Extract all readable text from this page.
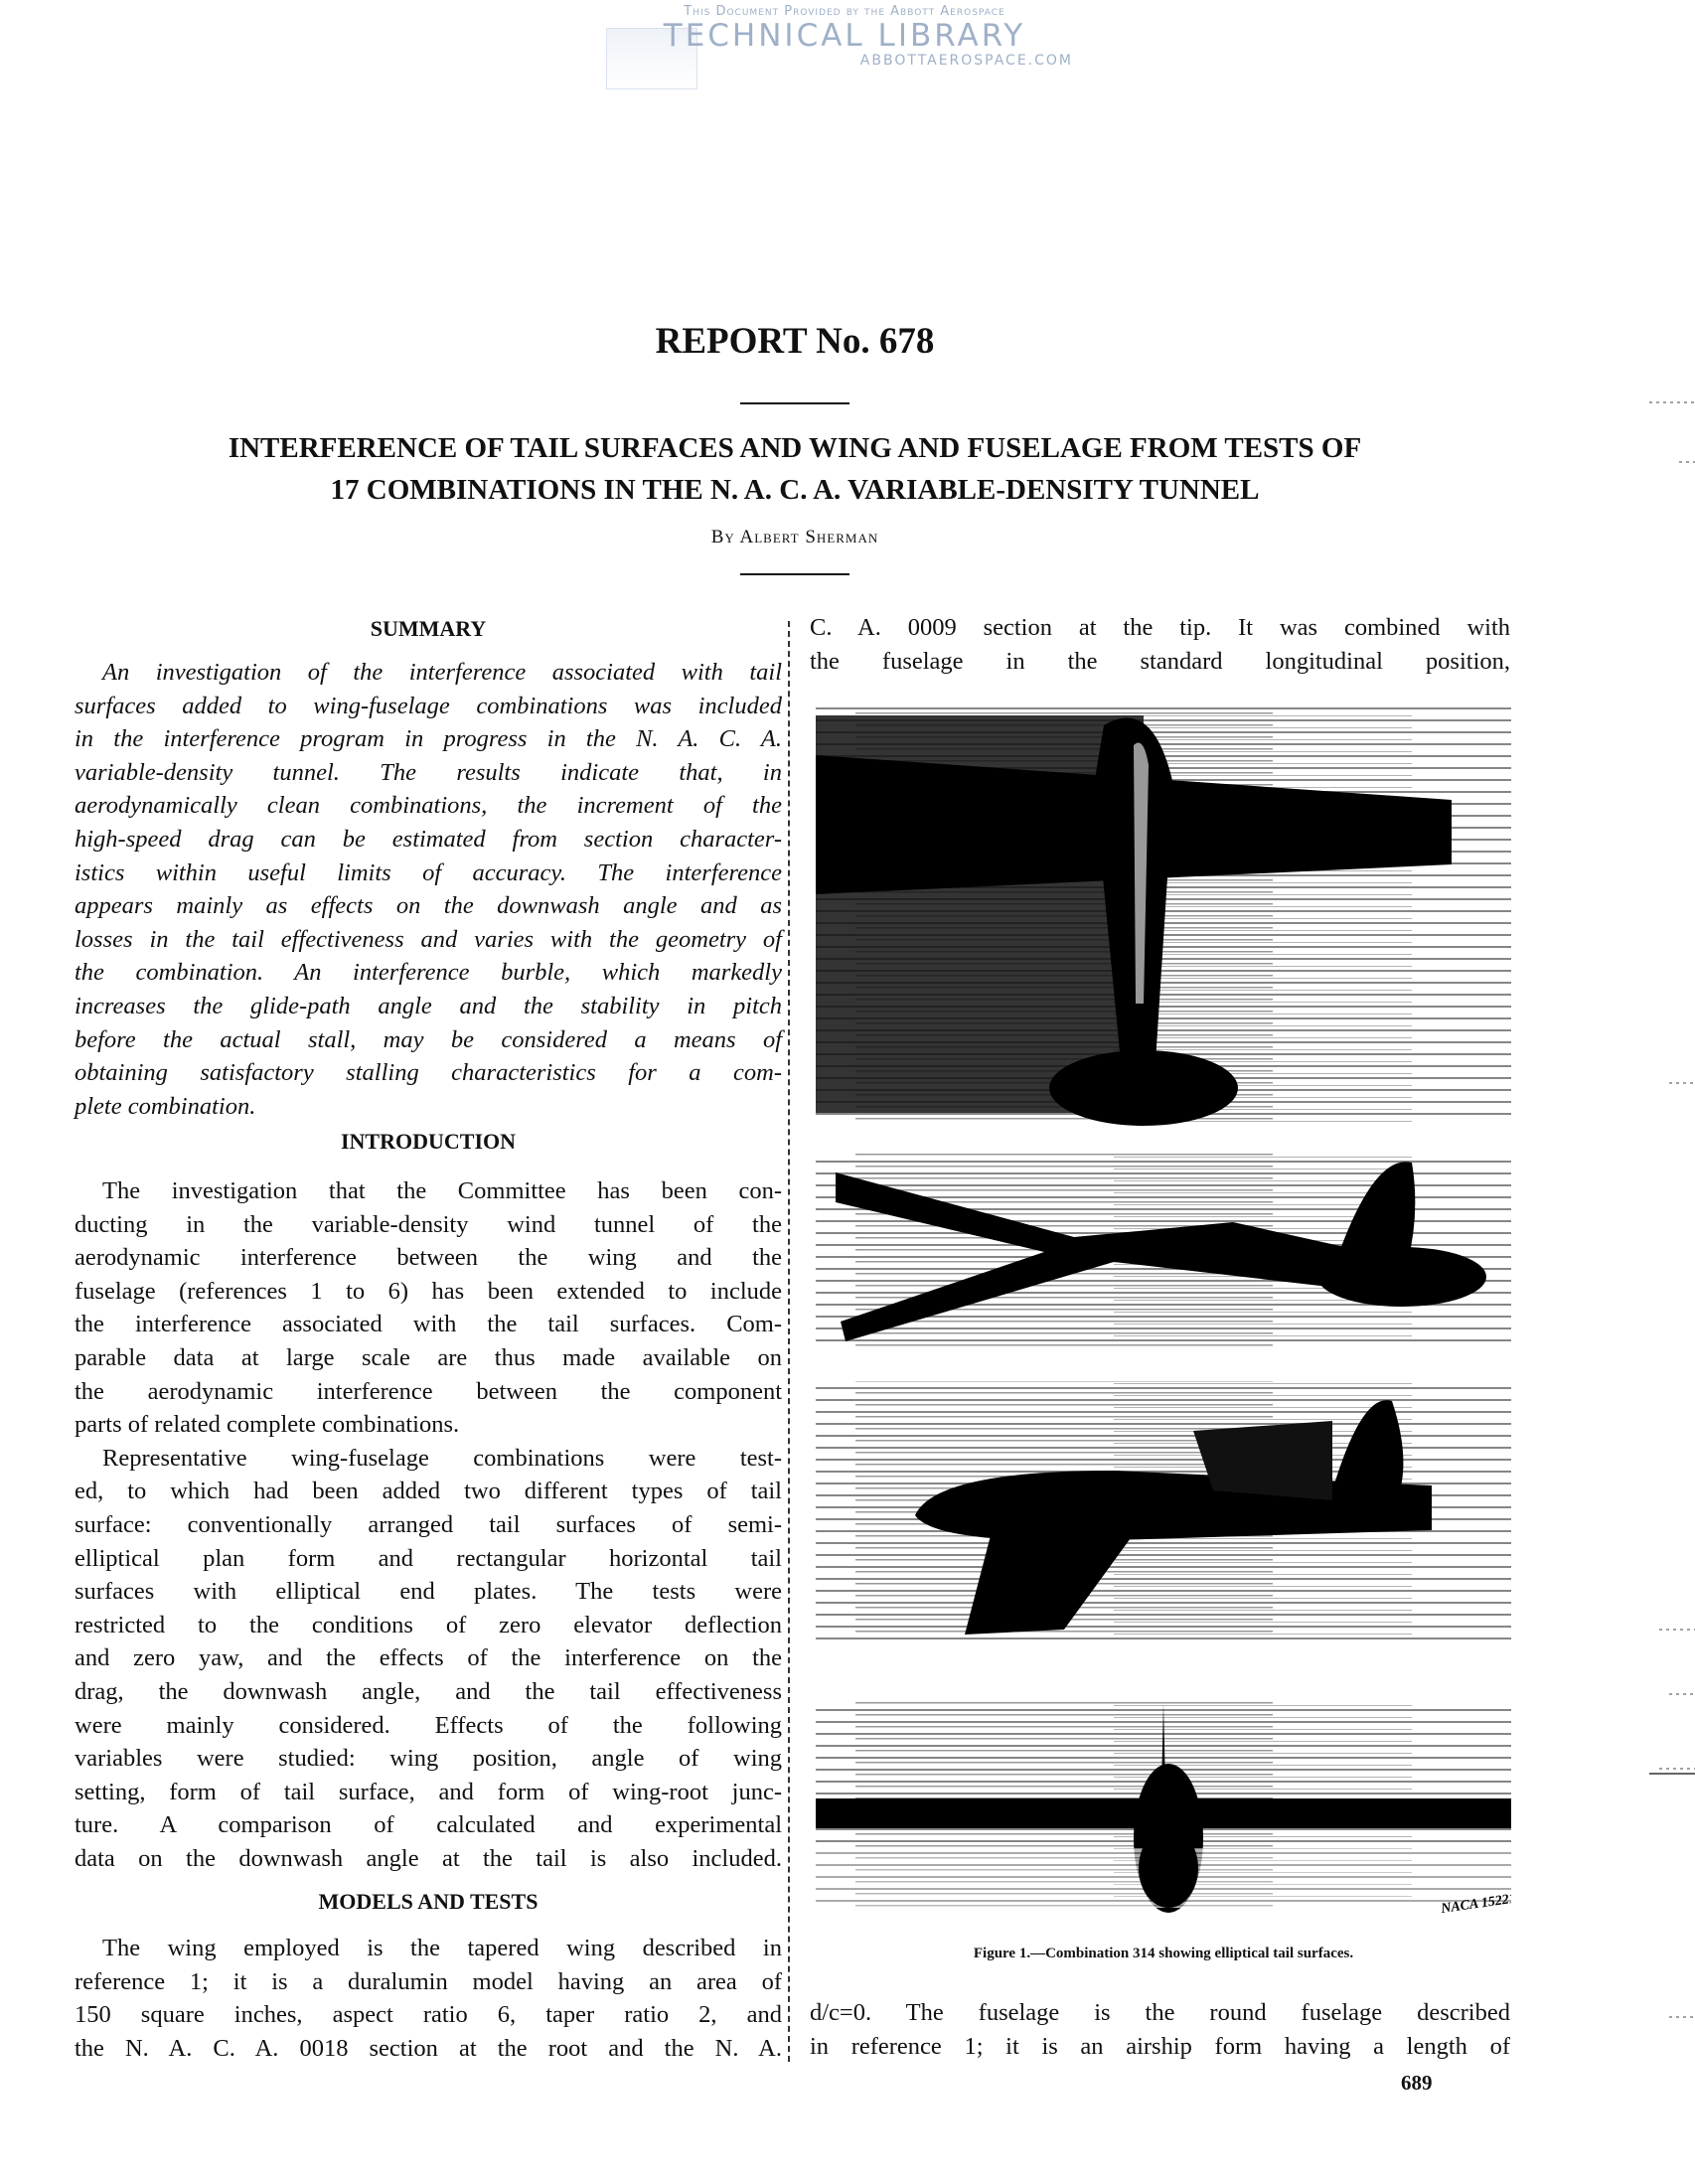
This Document Provided by the Abbott Aerospace
TECHNICAL LIBRARY
ABBOTTAEROSPACE.COM
REPORT No. 678
INTERFERENCE OF TAIL SURFACES AND WING AND FUSELAGE FROM TESTS OF
17 COMBINATIONS IN THE N. A. C. A. VARIABLE-DENSITY TUNNEL
By Albert Sherman
SUMMARY
An investigation of the interference associated with tail
surfaces added to wing-fuselage combinations was included
in the interference program in progress in the N. A. C. A.
variable-density tunnel. The results indicate that, in
aerodynamically clean combinations, the increment of the
high-speed drag can be estimated from section character-
istics within useful limits of accuracy. The interference
appears mainly as effects on the downwash angle and as
losses in the tail effectiveness and varies with the geometry of
the combination. An interference burble, which markedly
increases the glide-path angle and the stability in pitch
before the actual stall, may be considered a means of
obtaining satisfactory stalling characteristics for a com-
plete combination.
INTRODUCTION
The investigation that the Committee has been con-
ducting in the variable-density wind tunnel of the
aerodynamic interference between the wing and the
fuselage (references 1 to 6) has been extended to include
the interference associated with the tail surfaces. Com-
parable data at large scale are thus made available on
the aerodynamic interference between the component
parts of related complete combinations.
Representative wing-fuselage combinations were test-
ed, to which had been added two different types of tail
surface: conventionally arranged tail surfaces of semi-
elliptical plan form and rectangular horizontal tail
surfaces with elliptical end plates. The tests were
restricted to the conditions of zero elevator deflection
and zero yaw, and the effects of the interference on the
drag, the downwash angle, and the tail effectiveness
were mainly considered. Effects of the following
variables were studied: wing position, angle of wing
setting, form of tail surface, and form of wing-root junc-
ture. A comparison of calculated and experimental
data on the downwash angle at the tail is also included.
MODELS AND TESTS
The wing employed is the tapered wing described in
reference 1; it is a duralumin model having an area of
150 square inches, aspect ratio 6, taper ratio 2, and
the N. A. C. A. 0018 section at the root and the N. A.
C. A. 0009 section at the tip. It was combined with
the fuselage in the standard longitudinal position,
NACA 15221
Figure 1.—Combination 314 showing elliptical tail surfaces.
d/c=0. The fuselage is the round fuselage described
in reference 1; it is an airship form having a length of
689
